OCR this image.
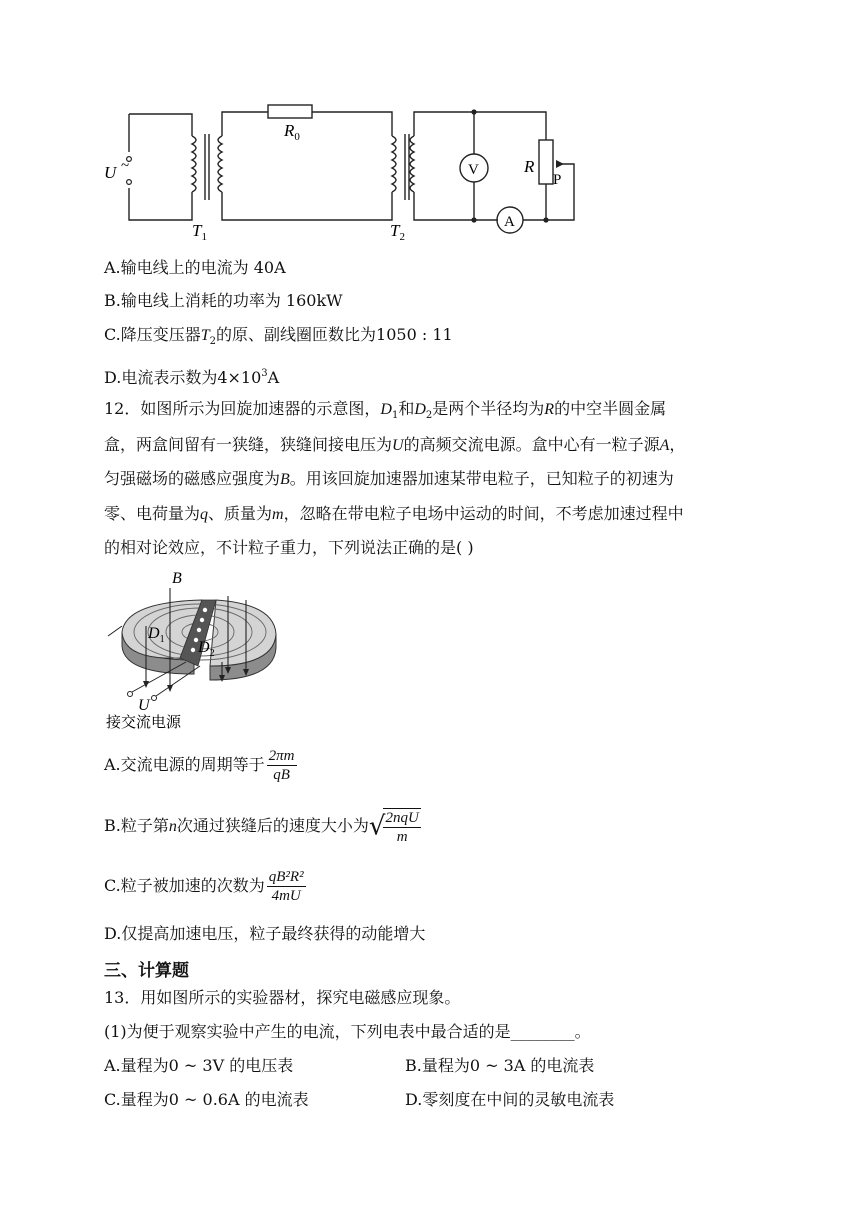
U ~
$R_0$
$T_1$	$T_2$
V
A
R
P
A.输电线上的电流为 40A
B.输电线上消耗的功率为 160kW
C.降压变压器$T_2$的原、副线圈匝数比为1050 : 11
D.电流表示数为$4\times 10^3A$
12．如图所示为回旋加速器的示意图，$D_1$和$D_2$是两个半径均为R的中空半圆金属
盒，两盒间留有一狭缝，狭缝间接电压为U的高频交流电源。盒中心有一粒子源A，
匀强磁场的磁感应强度为B。用该回旋加速器加速某带电粒子，已知粒子的初速为
零、电荷量为q、质量为m，忽略在带电粒子电场中运动的时间，不考虑加速过程中
的相对论效应，不计粒子重力，下列说法正确的是( )
B
$D_1$ $D_2$
U
接交流电源
A.交流电源的周期等于 $\frac{2\pi m}{qB}$
B.粒子第n次通过狭缝后的速度大小为√
$\frac{\text{2nqU}}{m}$
C.粒子被加速的次数为 $\frac{\text{qB²R²}}{4mU}$
D.仅提高加速电压，粒子最终获得的动能增大
三、计算题
13．用如图所示的实验器材，探究电磁感应现象。
(1)为便于观察实验中产生的电流，下列电表中最合适的是________。
A.量程为0 ~ 3V 的电压表	B.量程为0 ~ 3A 的电流表
C.量程为0 ~ 0.6A 的电流表	D.零刻度在中间的灵敏电流表
